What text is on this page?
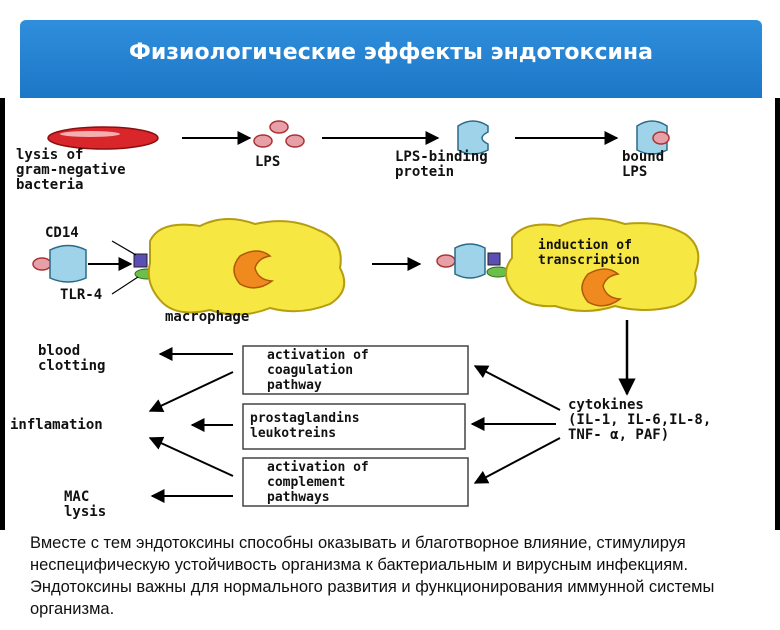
Физиологические эффекты эндотоксина
lysis of
gram-negative
bacteria
LPS	LPS-binding
protein
bound
LPS
CD14
TLR-4
macrophage
induction of
transcription
activation of
coagulation
pathway
prostaglandins
leukotreins
activation of
complement
pathways
blood
clotting
inflamation
MAC
lysis
cytokines
(IL-1, IL-6,IL-8,
TNF- α, PAF)
Вместе с тем эндотоксины способны оказывать и благотворное влияние, стимулируя неспецифическую устойчивость организма к бактериальным и вирусным инфекциям. Эндотоксины важны для нормального развития и функционирования иммунной системы организма.
